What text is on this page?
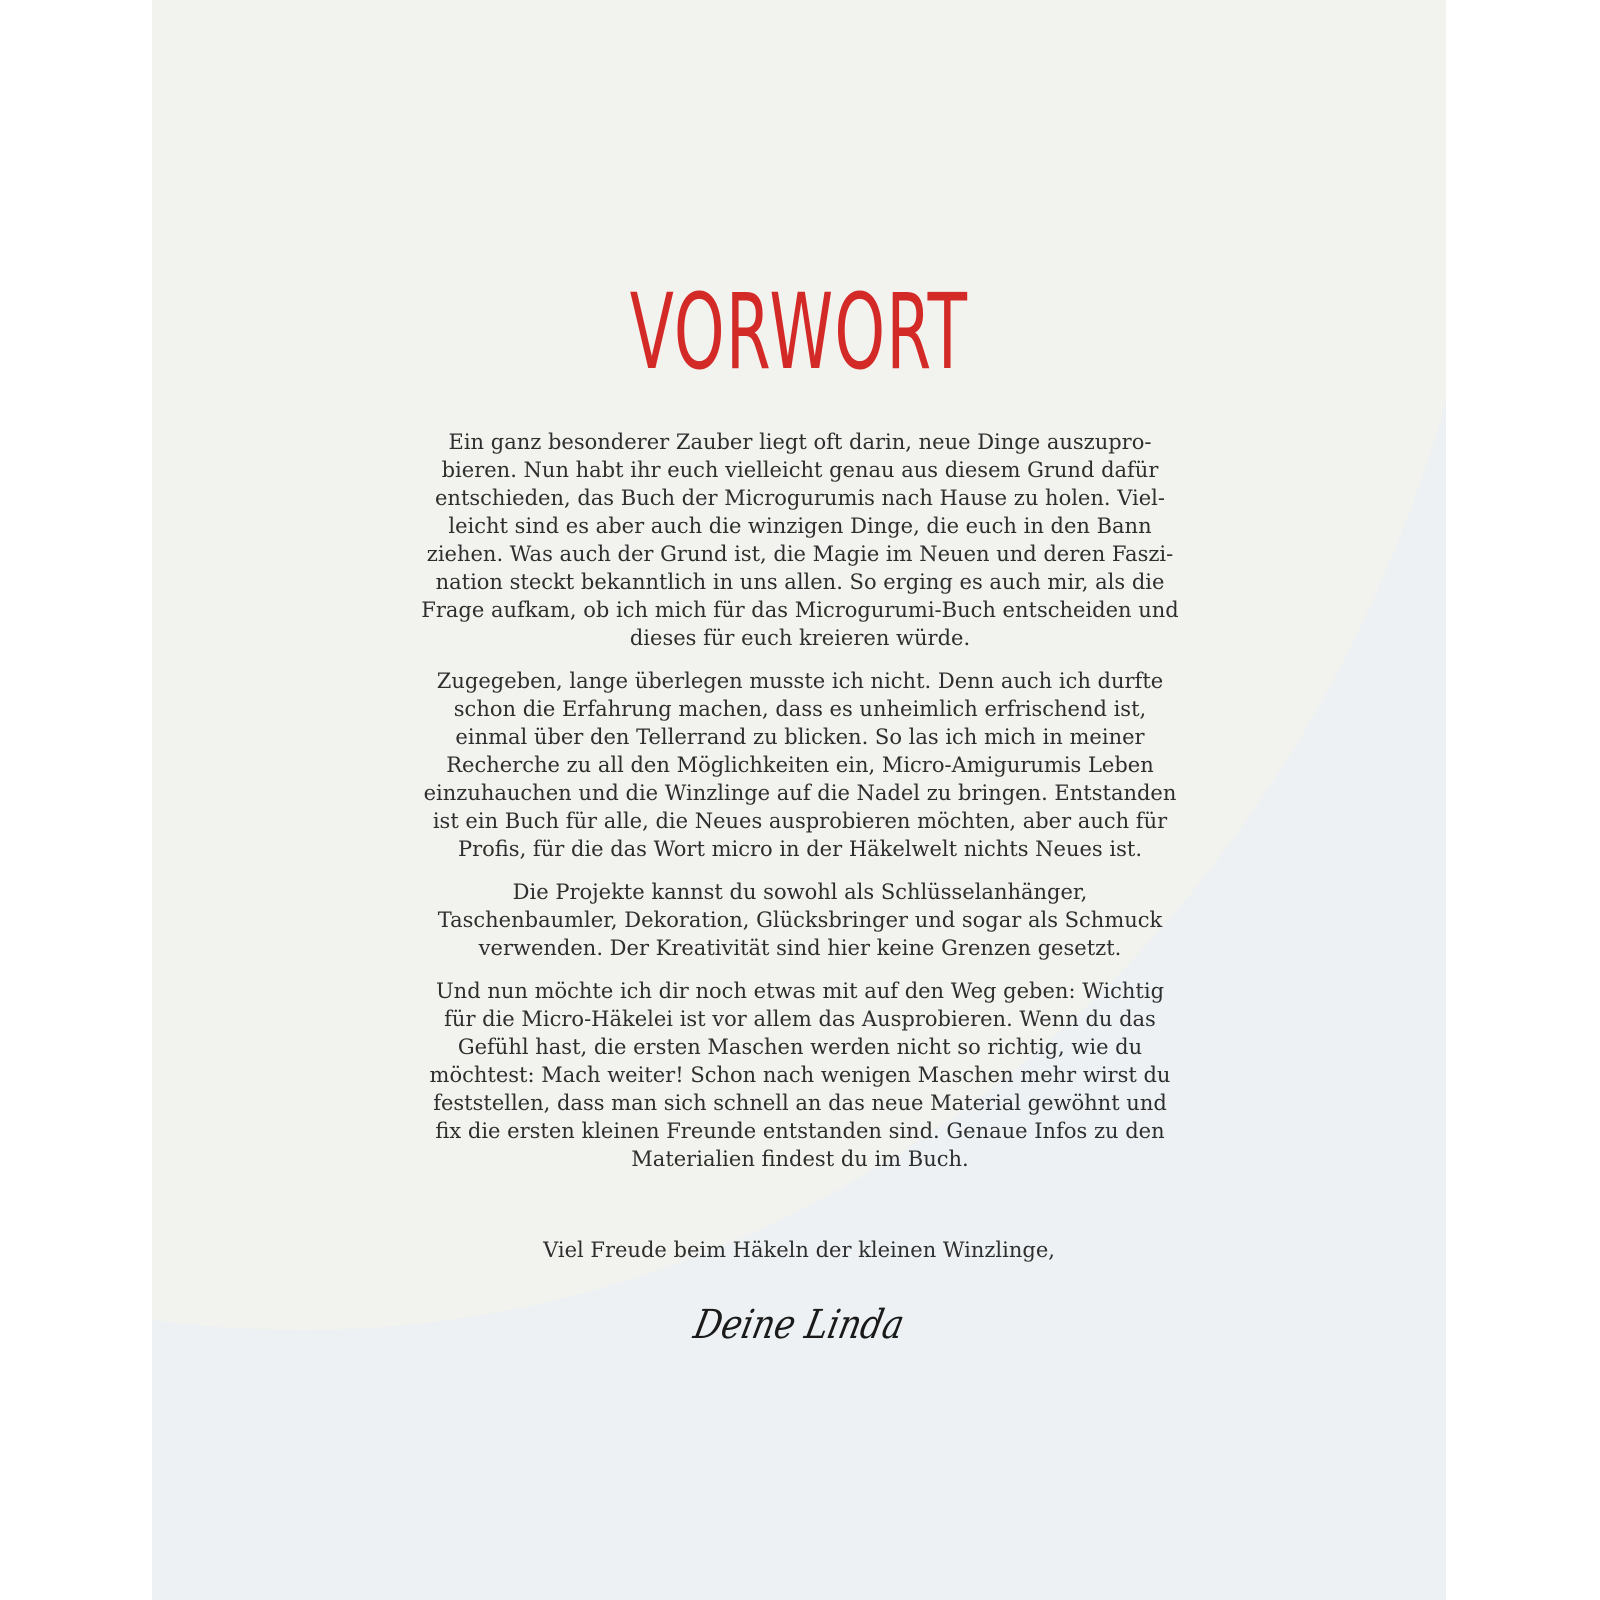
VORWORT

Ein ganz besonderer Zauber liegt oft darin, neue Dinge auszuprobieren. Nun habt ihr euch vielleicht genau aus diesem Grund dafür entschieden, das Buch der Microgurumis nach Hause zu holen. Vielleicht sind es aber auch die winzigen Dinge, die euch in den Bann ziehen. Was auch der Grund ist, die Magie im Neuen und deren Faszination steckt bekanntlich in uns allen. So erging es auch mir, als die Frage aufkam, ob ich mich für das Microgurumi-Buch entscheiden und dieses für euch kreieren würde.

Zugegeben, lange überlegen musste ich nicht. Denn auch ich durfte schon die Erfahrung machen, dass es unheimlich erfrischend ist, einmal über den Tellerrand zu blicken. So las ich mich in meiner Recherche zu all den Möglichkeiten ein, Micro-Amigurumis Leben einzuhauchen und die Winzlinge auf die Nadel zu bringen. Entstanden ist ein Buch für alle, die Neues ausprobieren möchten, aber auch für Profis, für die das Wort micro in der Häkelwelt nichts Neues ist.

Die Projekte kannst du sowohl als Schlüsselanhänger, Taschenbaumler, Dekoration, Glücksbringer und sogar als Schmuck verwenden. Der Kreativität sind hier keine Grenzen gesetzt.

Und nun möchte ich dir noch etwas mit auf den Weg geben: Wichtig für die Micro-Häkelei ist vor allem das Ausprobieren. Wenn du das Gefühl hast, die ersten Maschen werden nicht so richtig, wie du möchtest: Mach weiter! Schon nach wenigen Maschen mehr wirst du feststellen, dass man sich schnell an das neue Material gewöhnt und fix die ersten kleinen Freunde entstanden sind. Genaue Infos zu den Materialien findest du im Buch.

Viel Freude beim Häkeln der kleinen Winzlinge,

Deine Linda
